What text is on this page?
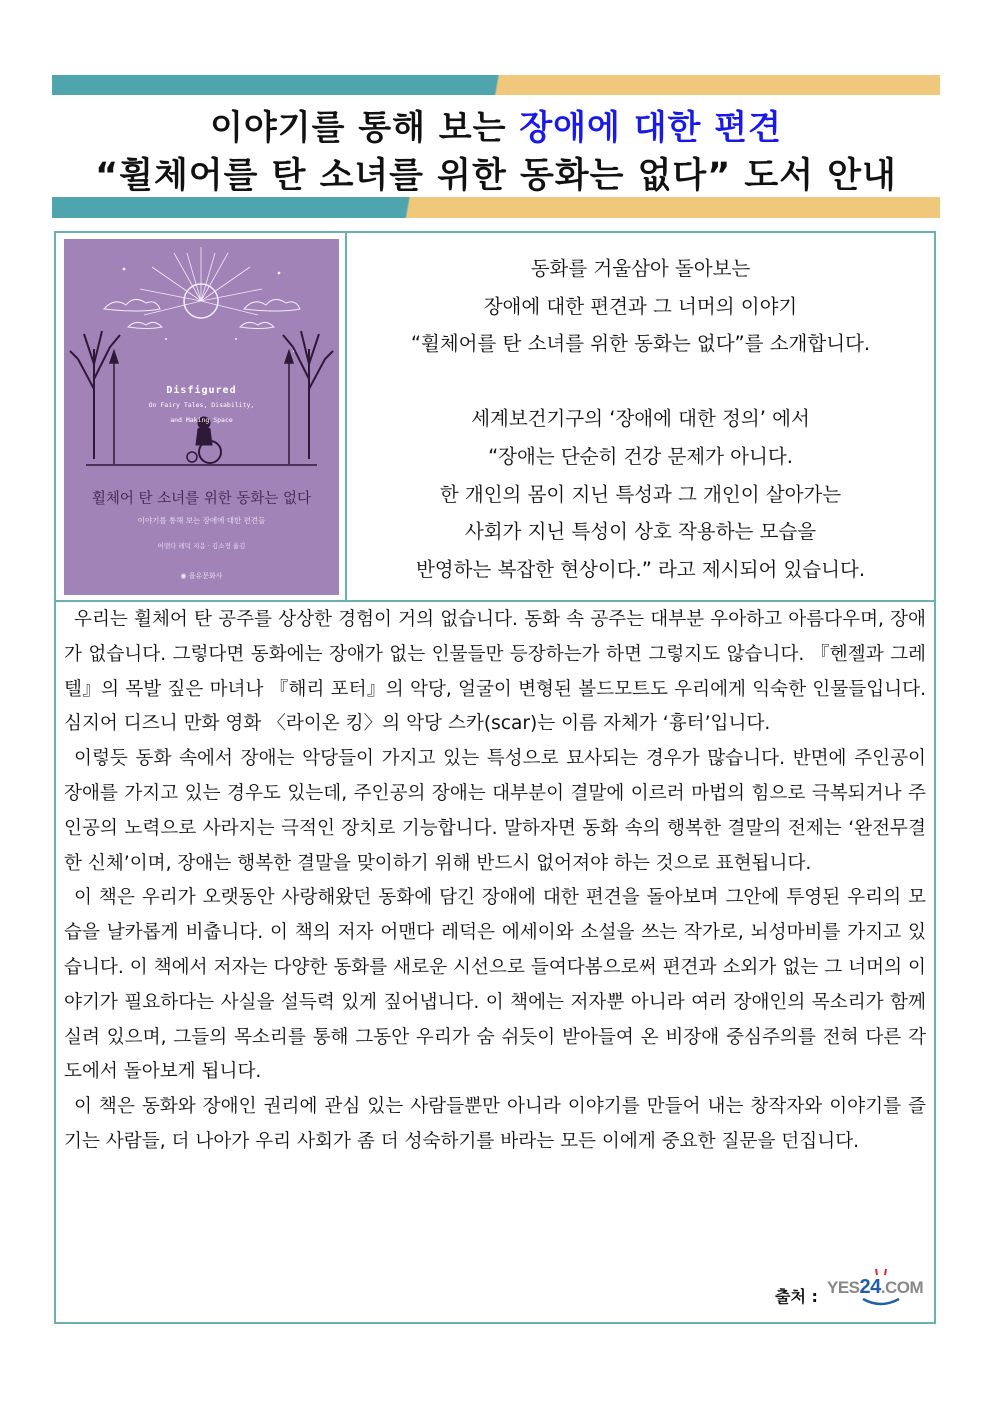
이야기를 통해 보는 장애에 대한 편견
“휠체어를 탄 소녀를 위한 동화는 없다” 도서 안내
Disfigured
On Fairy Tales, Disability,
and Making Space
휠체어 탄 소녀를 위한 동화는 없다
이야기를 통해 보는 장애에 대한 편견들
어맨다 레덕 지음 · 김소정 옮김
◉ 을유문화사
동화를 거울삼아 돌아보는
장애에 대한 편견과 그 너머의 이야기
“휠체어를 탄 소녀를 위한 동화는 없다”를 소개합니다.

세계보건기구의 ‘장애에 대한 정의’ 에서
“장애는 단순히 건강 문제가 아니다.
한 개인의 몸이 지닌 특성과 그 개인이 살아가는
사회가 지닌 특성이 상호 작용하는 모습을
반영하는 복잡한 현상이다.” 라고 제시되어 있습니다.

우리는 휠체어 탄 공주를 상상한 경험이 거의 없습니다. 동화 속 공주는 대부분 우아하고 아름다우며, 장애가 없습니다. 그렇다면 동화에는 장애가 없는 인물들만 등장하는가 하면 그렇지도 않습니다. 『헨젤과 그레텔』의 목발 짚은 마녀나 『해리 포터』의 악당, 얼굴이 변형된 볼드모트도 우리에게 익숙한 인물들입니다. 심지어 디즈니 만화 영화 〈라이온 킹〉의 악당 스카(scar)는 이름 자체가 ‘흉터’입니다.

이렇듯 동화 속에서 장애는 악당들이 가지고 있는 특성으로 묘사되는 경우가 많습니다. 반면에 주인공이 장애를 가지고 있는 경우도 있는데, 주인공의 장애는 대부분이 결말에 이르러 마법의 힘으로 극복되거나 주인공의 노력으로 사라지는 극적인 장치로 기능합니다. 말하자면 동화 속의 행복한 결말의 전제는 ‘완전무결한 신체’이며, 장애는 행복한 결말을 맞이하기 위해 반드시 없어져야 하는 것으로 표현됩니다.

이 책은 우리가 오랫동안 사랑해왔던 동화에 담긴 장애에 대한 편견을 돌아보며 그안에 투영된 우리의 모습을 날카롭게 비춥니다. 이 책의 저자 어맨다 레덕은 에세이와 소설을 쓰는 작가로, 뇌성마비를 가지고 있습니다. 이 책에서 저자는 다양한 동화를 새로운 시선으로 들여다봄으로써 편견과 소외가 없는 그 너머의 이야기가 필요하다는 사실을 설득력 있게 짚어냅니다. 이 책에는 저자뿐 아니라 여러 장애인의 목소리가 함께 실려 있으며, 그들의 목소리를 통해 그동안 우리가 숨 쉬듯이 받아들여 온 비장애 중심주의를 전혀 다른 각도에서 돌아보게 됩니다.

이 책은 동화와 장애인 권리에 관심 있는 사람들뿐만 아니라 이야기를 만들어 내는 창작자와 이야기를 즐기는 사람들, 더 나아가 우리 사회가 좀 더 성숙하기를 바라는 모든 이에게 중요한 질문을 던집니다.

출처 : YES24.COM
